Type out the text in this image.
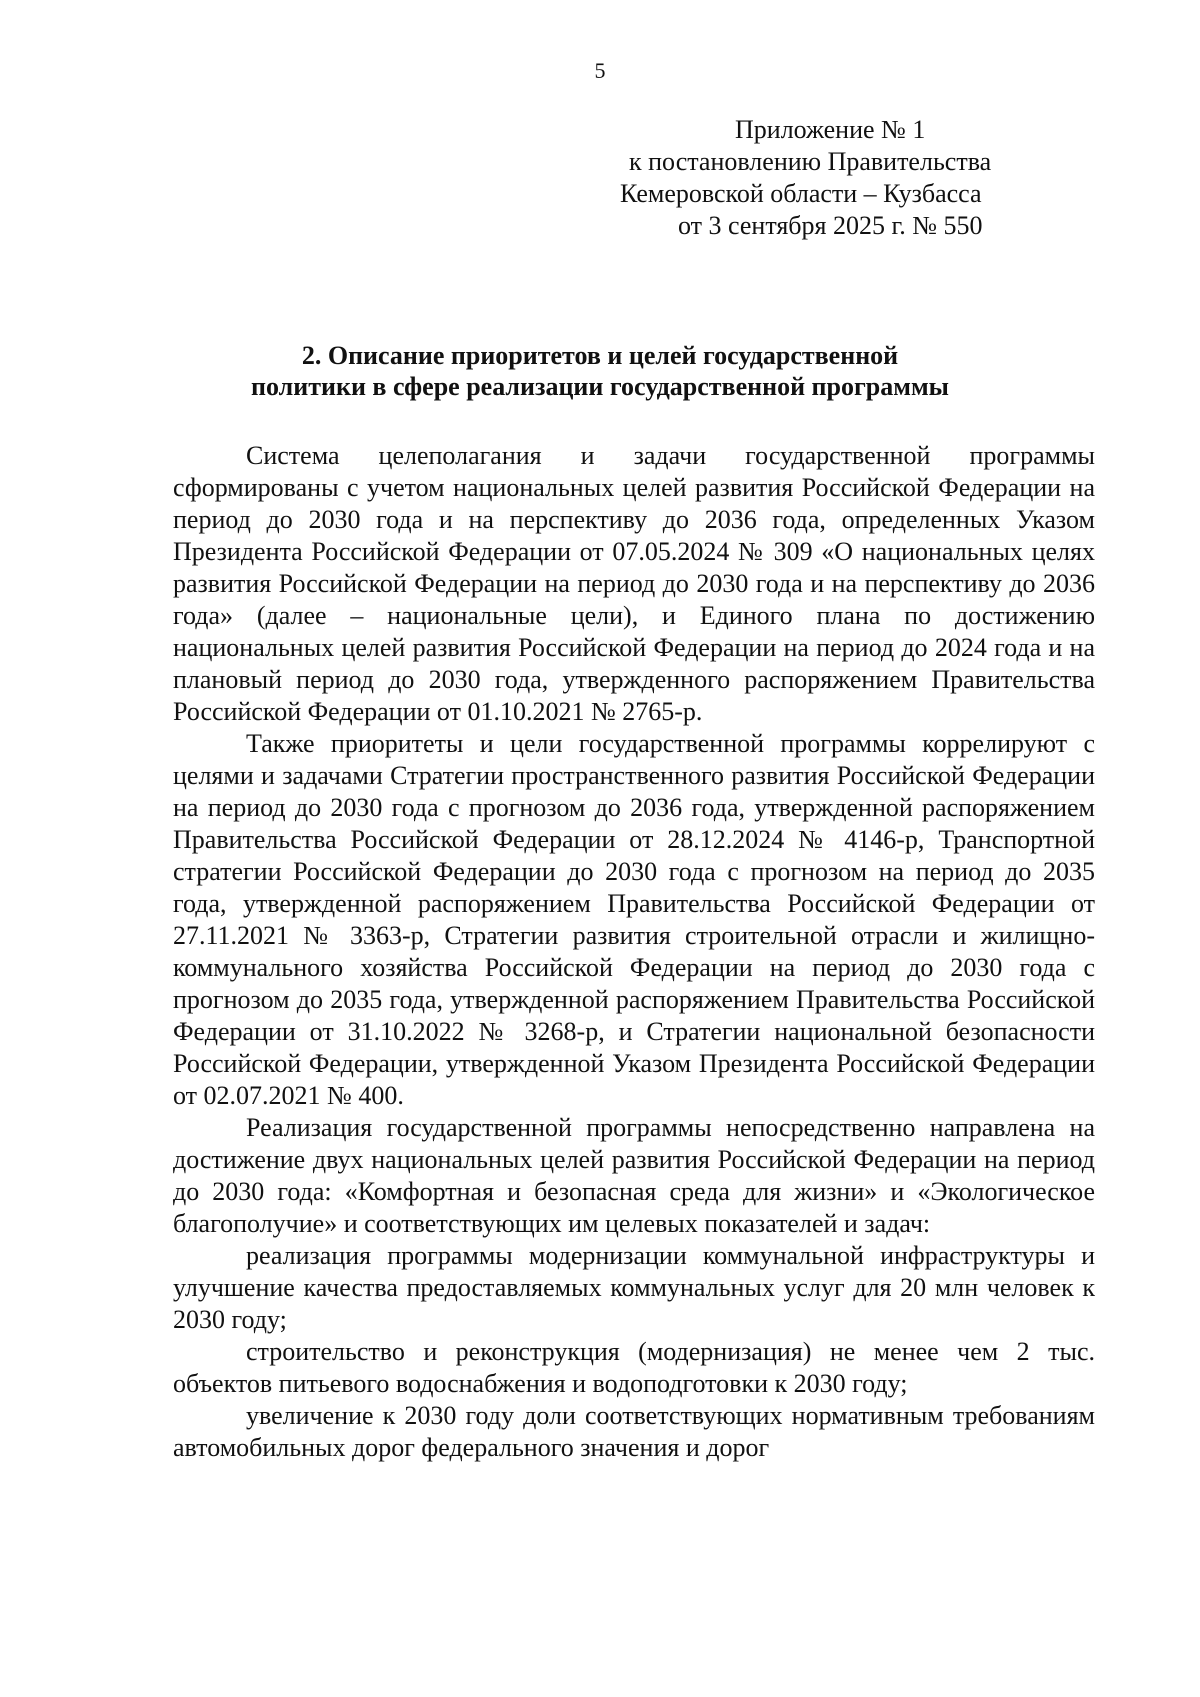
5
Приложение № 1
к постановлению Правительства
Кемеровской области – Кузбасса
от 3 сентября 2025 г. № 550
2. Описание приоритетов и целей государственной
политики в сфере реализации государственной программы

Система целеполагания и задачи государственной программы сформированы с учетом национальных целей развития Российской Федерации на период до 2030 года и на перспективу до 2036 года, определенных Указом Президента Российской Федерации от 07.05.2024 № 309 «О национальных целях развития Российской Федерации на период до 2030 года и на перспективу до 2036 года» (далее – национальные цели), и Единого плана по достижению национальных целей развития Российской Федерации на период до 2024 года и на плановый период до 2030 года, утвержденного распоряжением Правительства Российской Федерации от 01.10.2021 № 2765-р.

Также приоритеты и цели государственной программы коррелируют с целями и задачами Стратегии пространственного развития Российской Федерации на период до 2030 года с прогнозом до 2036 года, утвержденной распоряжением Правительства Российской Федерации от 28.12.2024 № 4146-р, Транспортной стратегии Российской Федерации до 2030 года с прогнозом на период до 2035 года, утвержденной распоряжением Правительства Российской Федерации от 27.11.2021 № 3363-р, Стратегии развития строительной отрасли и жилищно-коммунального хозяйства Российской Федерации на период до 2030 года с прогнозом до 2035 года, утвержденной распоряжением Правительства Российской Федерации от 31.10.2022 № 3268-р, и Стратегии национальной безопасности Российской Федерации, утвержденной Указом Президента Российской Федерации от 02.07.2021 № 400.

Реализация государственной программы непосредственно направлена на достижение двух национальных целей развития Российской Федерации на период до 2030 года: «Комфортная и безопасная среда для жизни» и «Экологическое благополучие» и соответствующих им целевых показателей и задач:

реализация программы модернизации коммунальной инфраструктуры и улучшение качества предоставляемых коммунальных услуг для 20 млн человек к 2030 году;

строительство и реконструкция (модернизация) не менее чем 2 тыс. объектов питьевого водоснабжения и водоподготовки к 2030 году;

увеличение к 2030 году доли соответствующих нормативным требованиям автомобильных дорог федерального значения и дорог
